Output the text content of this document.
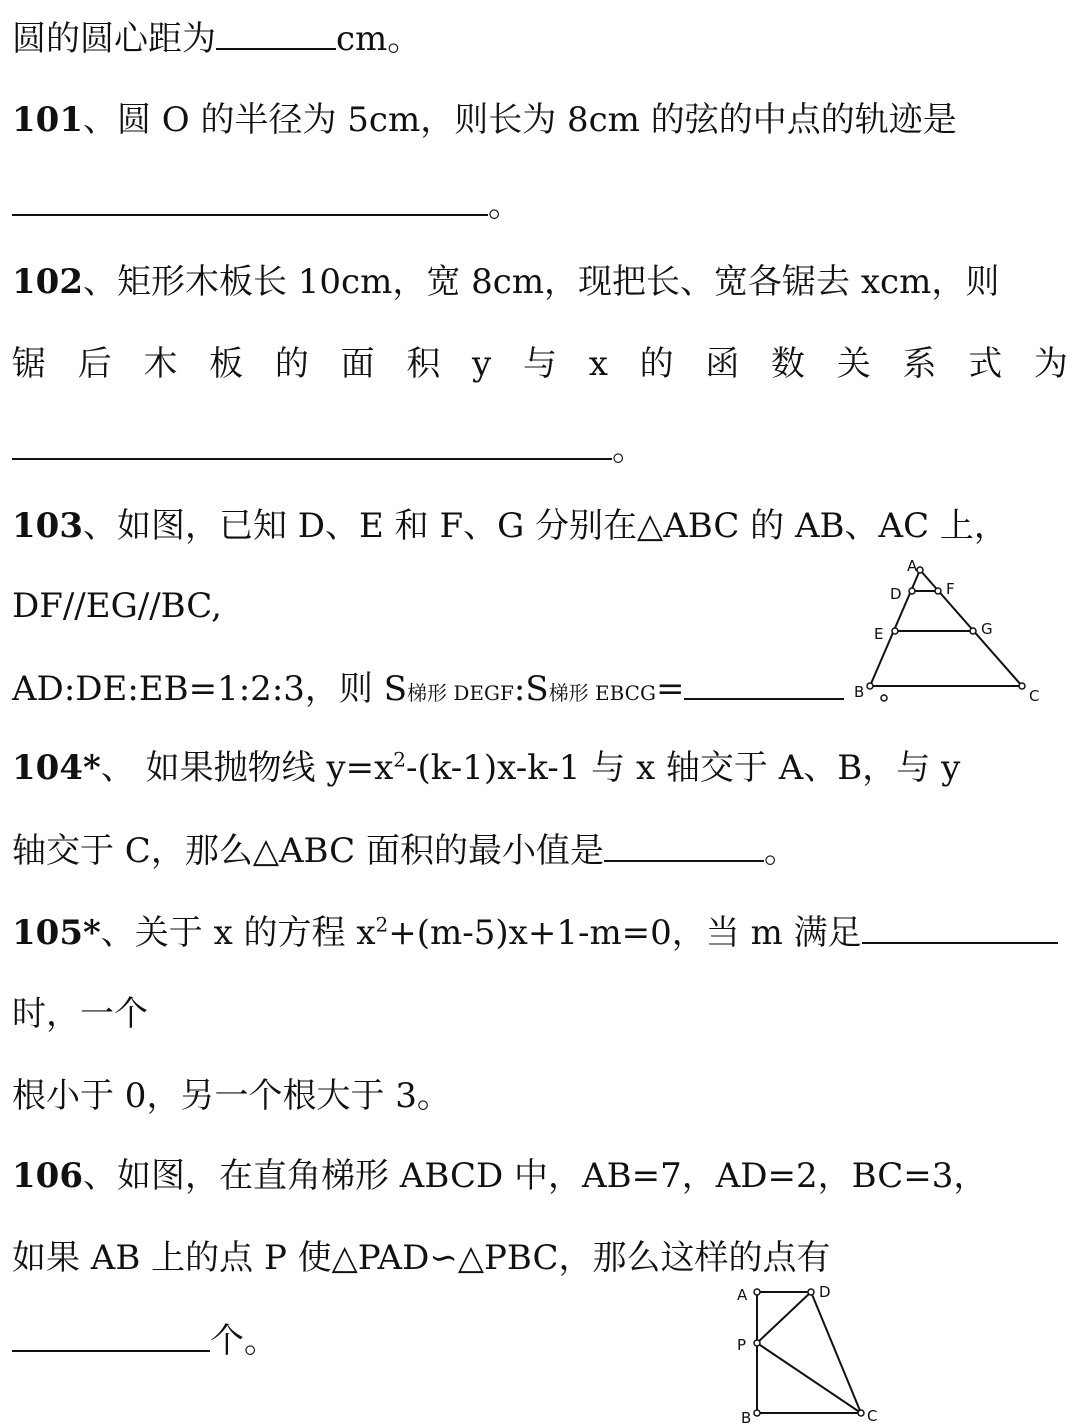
圆的圆心距为	cm。
101、圆 O 的半径为 5cm，则长为 8cm 的弦的中点的轨迹是
。
102、矩形木板长 10cm，宽 8cm，现把长、宽各锯去 xcm，则
锯 后 木 板 的 面 积 y 与 x 的 函 数 关 系 式 为
。
103、如图，已知 D、E 和 F、G 分别在△ABC 的 AB、AC 上，
DF//EG//BC,
AD:DE:EB=1:2:3，则 S梯形 DEGF:S梯形 EBCG=
A
D	F
E	G
B	C
104*、 如果抛物线 $y=x^2-(k-1)x-k-1$ 与 x 轴交于 A、B，与 y
轴交于 C，那么△ABC 面积的最小值是	。
105*、关于 x 的方程 $x^2+(m-5)x+1-m=0$，当 m 满足
时，一个
根小于 0，另一个根大于 3。
106、如图，在直角梯形 ABCD 中，AB=7，AD=2，BC=3，
如果 AB 上的点 P 使△PAD∽△PBC，那么这样的点有
个。
A	D
P
B	C
